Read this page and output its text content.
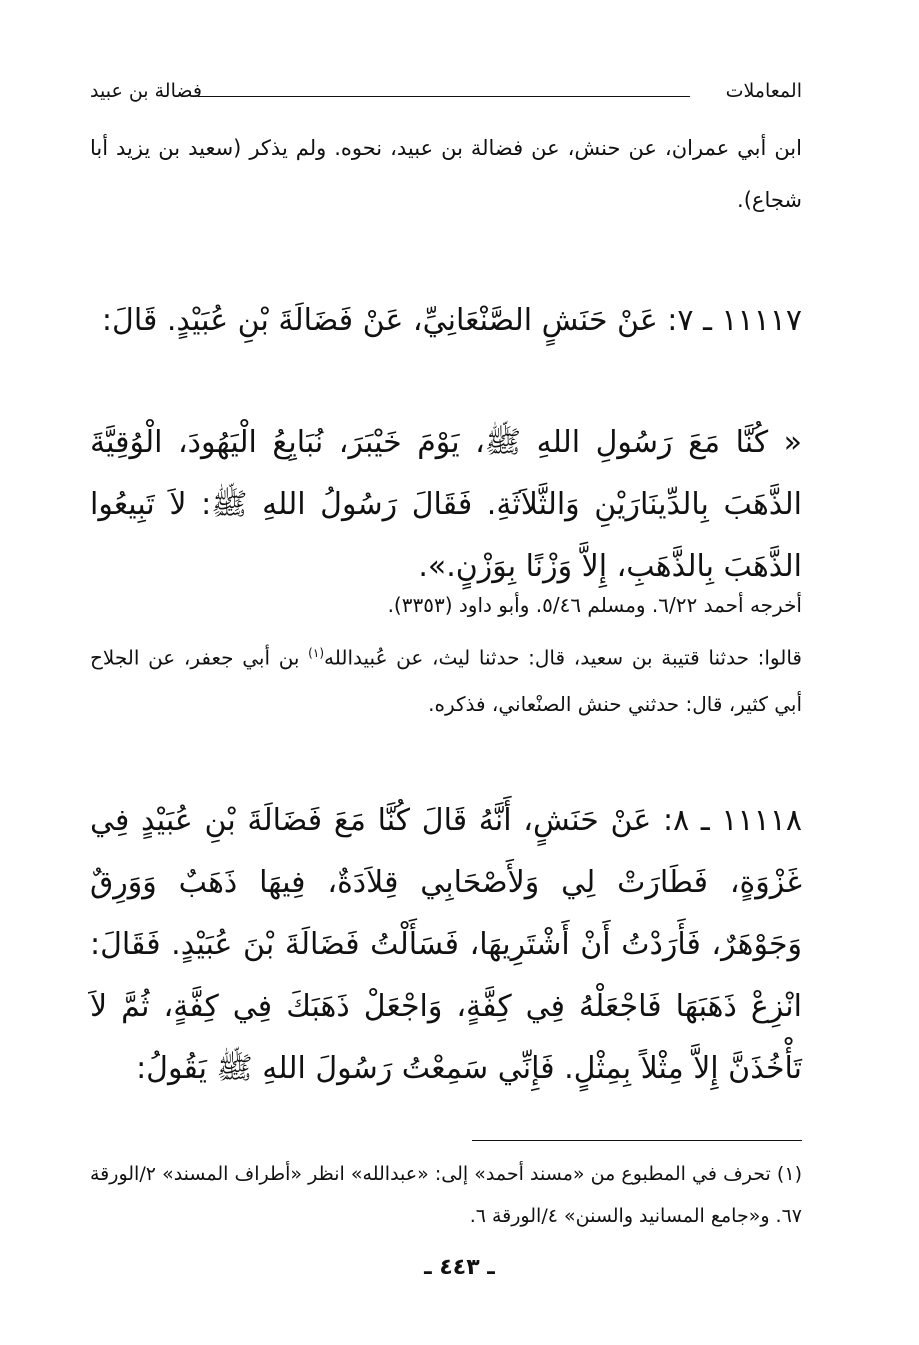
المعاملات
فضالة بن عبيد
ابن أبي عمران، عن حنش، عن فضالة بن عبيد، نحوه. ولم يذكر (سعيد بن يزيد أبا شجاع).
١١١١٧ ـ ٧: عَنْ حَنَشٍ الصَّنْعَانِيِّ، عَنْ فَضَالَةَ بْنِ عُبَيْدٍ. قَالَ:
« كُنَّا مَعَ رَسُولِ اللهِ ﷺ، يَوْمَ خَيْبَرَ، نُبَايِعُ الْيَهُودَ، الْوُقِيَّةَ الذَّهَبَ بِالدِّينَارَيْنِ وَالثَّلاَثَةِ. فَقَالَ رَسُولُ اللهِ ﷺ: لاَ تَبِيعُوا الذَّهَبَ بِالذَّهَبِ، إِلاَّ وَزْنًا بِوَزْنٍ.».
أخرجه أحمد ٦/٢٢. ومسلم ٥/٤٦. وأبو داود (٣٣٥٣).
قالوا: حدثنا قتيبة بن سعيد، قال: حدثنا ليث، عن عُبيدالله$^{(١)}$ بن أبي جعفر، عن الجلاح أبي كثير، قال: حدثني حنش الصنْعاني، فذكره.
١١١١٨ ـ ٨: عَنْ حَنَشٍ، أَنَّهُ قَالَ كُنَّا مَعَ فَضَالَةَ بْنِ عُبَيْدٍ فِي غَزْوَةٍ، فَطَارَتْ لِي وَلأَصْحَابِي قِلاَدَةٌ، فِيهَا ذَهَبٌ وَوَرِقٌ وَجَوْهَرٌ، فَأَرَدْتُ أَنْ أَشْتَرِيهَا، فَسَأَلْتُ فَضَالَةَ بْنَ عُبَيْدٍ. فَقَالَ: انْزِعْ ذَهَبَهَا فَاجْعَلْهُ فِي كِفَّةٍ، وَاجْعَلْ ذَهَبَكَ فِي كِفَّةٍ، ثُمَّ لاَ تَأْخُذَنَّ إِلاَّ مِثْلاً بِمِثْلٍ. فَإِنِّي سَمِعْتُ رَسُولَ اللهِ ﷺ يَقُولُ:
(١) تحرف في المطبوع من «مسند أحمد» إلى: «عبدالله» انظر «أطراف المسند» ٢/الورقة ٦٧. و«جامع المسانيد والسنن» ٤/الورقة ٦.
ـ ٤٤٣ ـ
